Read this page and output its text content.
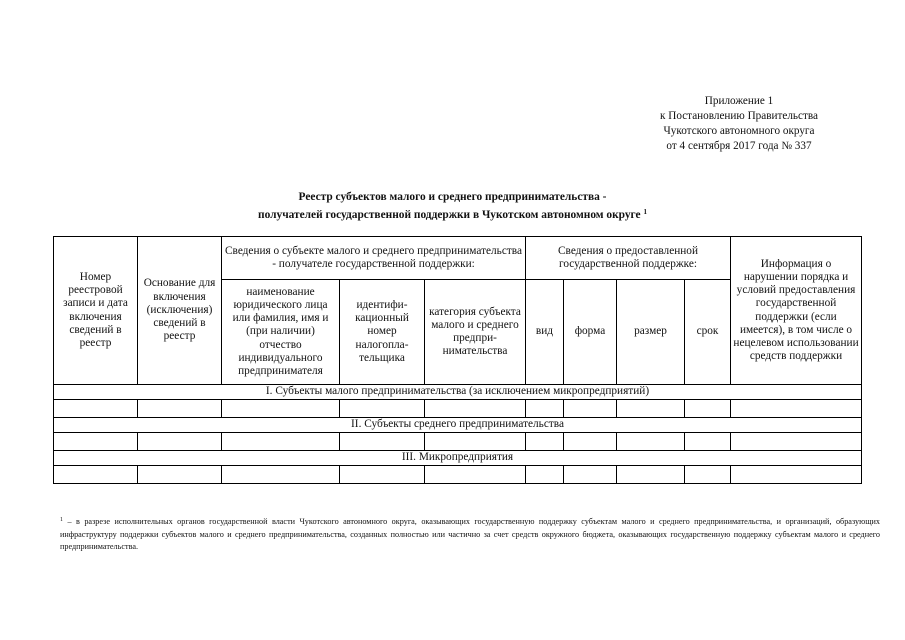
Приложение 1
к Постановлению Правительства
Чукотского автономного округа
от 4 сентября 2017 года № 337
Реестр субъектов малого и среднего предпринимательства -
получателей государственной поддержки в Чукотском автономном округе $^1$
Номер реестровой записи и дата включения сведений в реестр	Основание для включения (исключения) сведений в реестр	Сведения о субъекте малого и среднего предпринимательства - получателе государственной поддержки:			Сведения о предоставленной государственной поддержке:				Информация о нарушении порядка и условий предоставления государственной поддержки (если имеется), в том числе о нецелевом использовании средств поддержки
		наименование юридического лица или фамилия, имя и (при наличии) отчество индивидуального предпринимателя	идентифи-кационный номер налогопла-тельщика	категория субъекта малого и среднего предпри-нимательства	вид	форма	размер	срок	
I. Субъекты малого предпринимательства (за исключением микропредприятий)									

II. Субъекты среднего предпринимательства									

III. Микропредприятия									

$^1$ – в разрезе исполнительных органов государственной власти Чукотского автономного округа, оказывающих государственную поддержку субъектам малого и среднего предпринимательства, и организаций, образующих инфраструктуру поддержки субъектов малого и среднего предпринимательства, созданных полностью или частично за счет средств окружного бюджета, оказывающих государственную поддержку субъектам малого и среднего предпринимательства.
